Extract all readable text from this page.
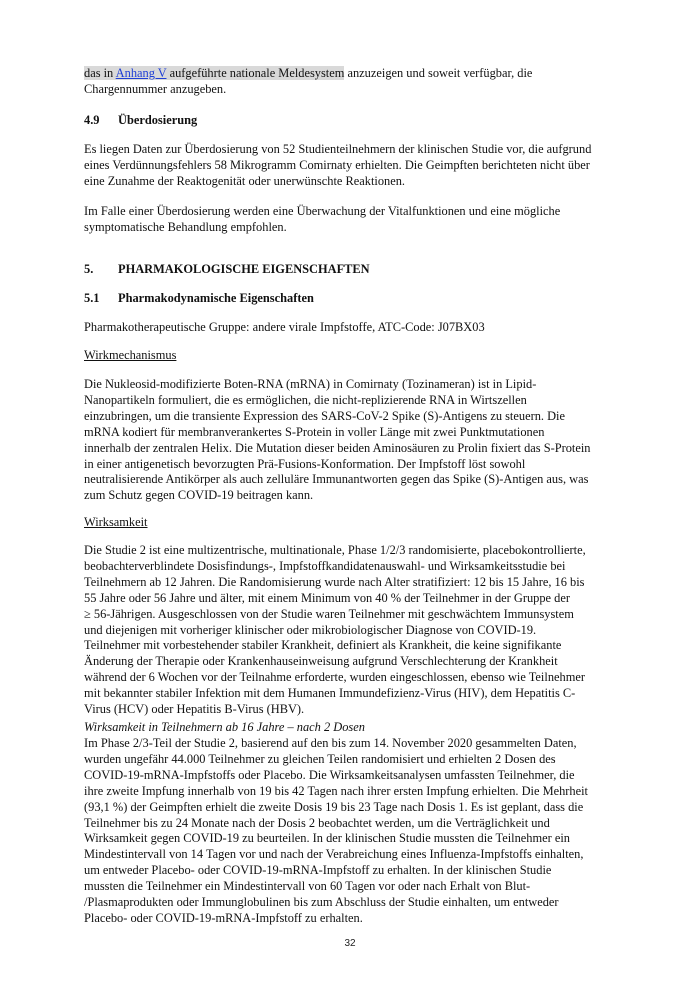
das in Anhang V aufgeführte nationale Meldesystem anzuzeigen und soweit verfügbar, die

Chargennummer anzugeben.

4.9 Überdosierung

Es liegen Daten zur Überdosierung von 52 Studienteilnehmern der klinischen Studie vor, die aufgrund

eines Verdünnungsfehlers 58 Mikrogramm Comirnaty erhielten. Die Geimpften berichteten nicht über

eine Zunahme der Reaktogenität oder unerwünschte Reaktionen.

Im Falle einer Überdosierung werden eine Überwachung der Vitalfunktionen und eine mögliche

symptomatische Behandlung empfohlen.

5. PHARMAKOLOGISCHE EIGENSCHAFTEN
5.1 Pharmakodynamische Eigenschaften
Pharmakotherapeutische Gruppe: andere virale Impfstoffe, ATC-Code: J07BX03
Wirkmechanismus

Die Nukleosid-modifizierte Boten-RNA (mRNA) in Comirnaty (Tozinameran) ist in Lipid-

Nanopartikeln formuliert, die es ermöglichen, die nicht-replizierende RNA in Wirtszellen

einzubringen, um die transiente Expression des SARS-CoV-2 Spike (S)-Antigens zu steuern. Die

mRNA kodiert für membranverankertes S-Protein in voller Länge mit zwei Punktmutationen

innerhalb der zentralen Helix. Die Mutation dieser beiden Aminosäuren zu Prolin fixiert das S-Protein

in einer antigenetisch bevorzugten Prä-Fusions-Konformation. Der Impfstoff löst sowohl

neutralisierende Antikörper als auch zelluläre Immunantworten gegen das Spike (S)-Antigen aus, was

zum Schutz gegen COVID-19 beitragen kann.

Wirksamkeit

Die Studie 2 ist eine multizentrische, multinationale, Phase 1/2/3 randomisierte, placebokontrollierte,

beobachterverblindete Dosisfindungs-, Impfstoffkandidatenauswahl- und Wirksamkeitsstudie bei

Teilnehmern ab 12 Jahren. Die Randomisierung wurde nach Alter stratifiziert: 12 bis 15 Jahre, 16 bis

55 Jahre oder 56 Jahre und älter, mit einem Minimum von 40 % der Teilnehmer in der Gruppe der

≥ 56-Jährigen. Ausgeschlossen von der Studie waren Teilnehmer mit geschwächtem Immunsystem

und diejenigen mit vorheriger klinischer oder mikrobiologischer Diagnose von COVID-19.

Teilnehmer mit vorbestehender stabiler Krankheit, definiert als Krankheit, die keine signifikante

Änderung der Therapie oder Krankenhauseinweisung aufgrund Verschlechterung der Krankheit

während der 6 Wochen vor der Teilnahme erforderte, wurden eingeschlossen, ebenso wie Teilnehmer

mit bekannter stabiler Infektion mit dem Humanen Immundefizienz-Virus (HIV), dem Hepatitis C-

Virus (HCV) oder Hepatitis B-Virus (HBV).

Wirksamkeit in Teilnehmern ab 16 Jahre – nach 2 Dosen

Im Phase 2/3-Teil der Studie 2, basierend auf den bis zum 14. November 2020 gesammelten Daten,

wurden ungefähr 44.000 Teilnehmer zu gleichen Teilen randomisiert und erhielten 2 Dosen des

COVID-19-mRNA-Impfstoffs oder Placebo. Die Wirksamkeitsanalysen umfassten Teilnehmer, die

ihre zweite Impfung innerhalb von 19 bis 42 Tagen nach ihrer ersten Impfung erhielten. Die Mehrheit

(93,1 %) der Geimpften erhielt die zweite Dosis 19 bis 23 Tage nach Dosis 1. Es ist geplant, dass die

Teilnehmer bis zu 24 Monate nach der Dosis 2 beobachtet werden, um die Verträglichkeit und

Wirksamkeit gegen COVID-19 zu beurteilen. In der klinischen Studie mussten die Teilnehmer ein

Mindestintervall von 14 Tagen vor und nach der Verabreichung eines Influenza-Impfstoffs einhalten,

um entweder Placebo- oder COVID-19-mRNA-Impfstoff zu erhalten. In der klinischen Studie

mussten die Teilnehmer ein Mindestintervall von 60 Tagen vor oder nach Erhalt von Blut-

/Plasmaprodukten oder Immunglobulinen bis zum Abschluss der Studie einhalten, um entweder

Placebo- oder COVID-19-mRNA-Impfstoff zu erhalten.

32
